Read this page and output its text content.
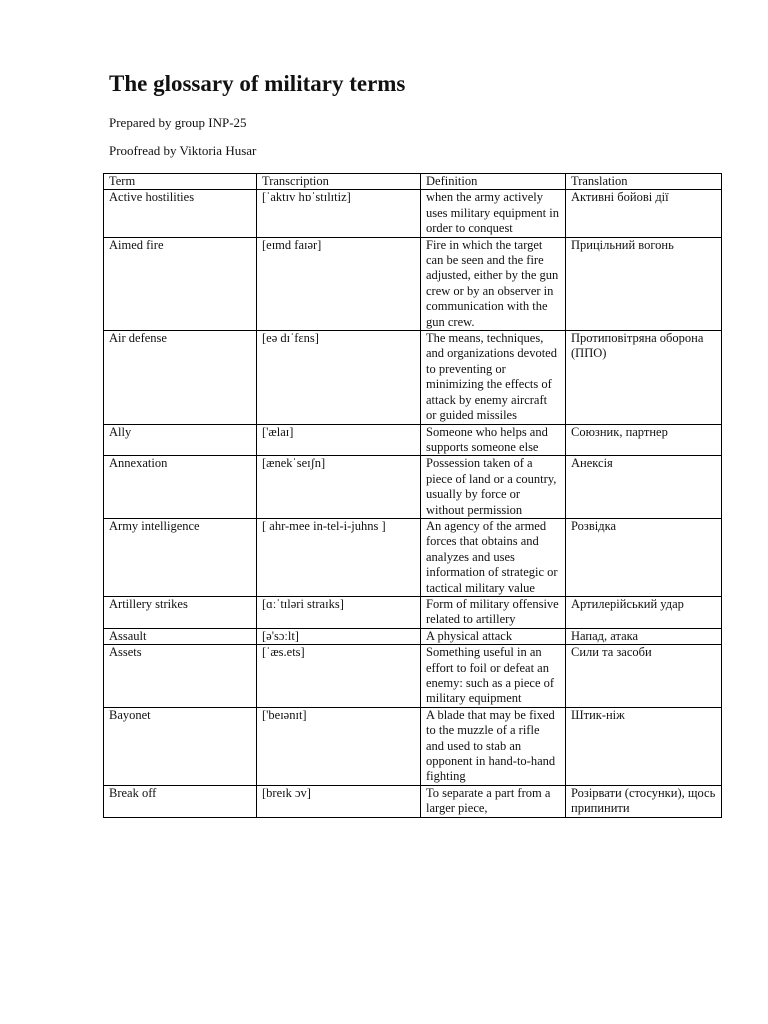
The glossary of military terms

Prepared by group INP-25

Proofread by Viktoria Husar

Term	Transcription	Definition	Translation
Active hostilities	[ˈaktɪv hɒˈstɪlɪtiz]	when the army actively uses military equipment in order to conquest	Активні бойові дії
Aimed fire	[eɪmd faɪər]	Fire in which the target can be seen and the fire adjusted, either by the gun crew or by an observer in communication with the gun crew.	Прицільний вогонь
Air defense	[eə dɪˈfɛns]	The means, techniques, and organizations devoted to preventing or minimizing the effects of attack by enemy aircraft or guided missiles	Протиповітряна оборона (ППО)
Ally	['ælaɪ]	Someone who helps and supports someone else	Союзник, партнер
Annexation	[ænekˈseɪʃn]	Possession taken of a piece of land or a country, usually by force or without permission	Анексія
Army intelligence	[ ahr-mee in-tel-i-juhns ]	An agency of the armed forces that obtains and analyzes and uses information of strategic or tactical military value	Розвідка
Artillery strikes	[ɑːˈtɪləri straɪks]	Form of military offensive related to artillery	Артилерійський удар
Assault	[ə'sɔːlt]	A physical attack	Напад, атака
Assets	[ˈæs.ets]	Something useful in an effort to foil or defeat an enemy: such as a piece of military equipment	Сили та засоби
Bayonet	['beɪənɪt]	A blade that may be fixed to the muzzle of a rifle and used to stab an opponent in hand-to-hand fighting	Штик-ніж
Break off	[breɪk ɔv]	To separate a part from a larger piece,	Розірвати (стосунки), щось припинити
